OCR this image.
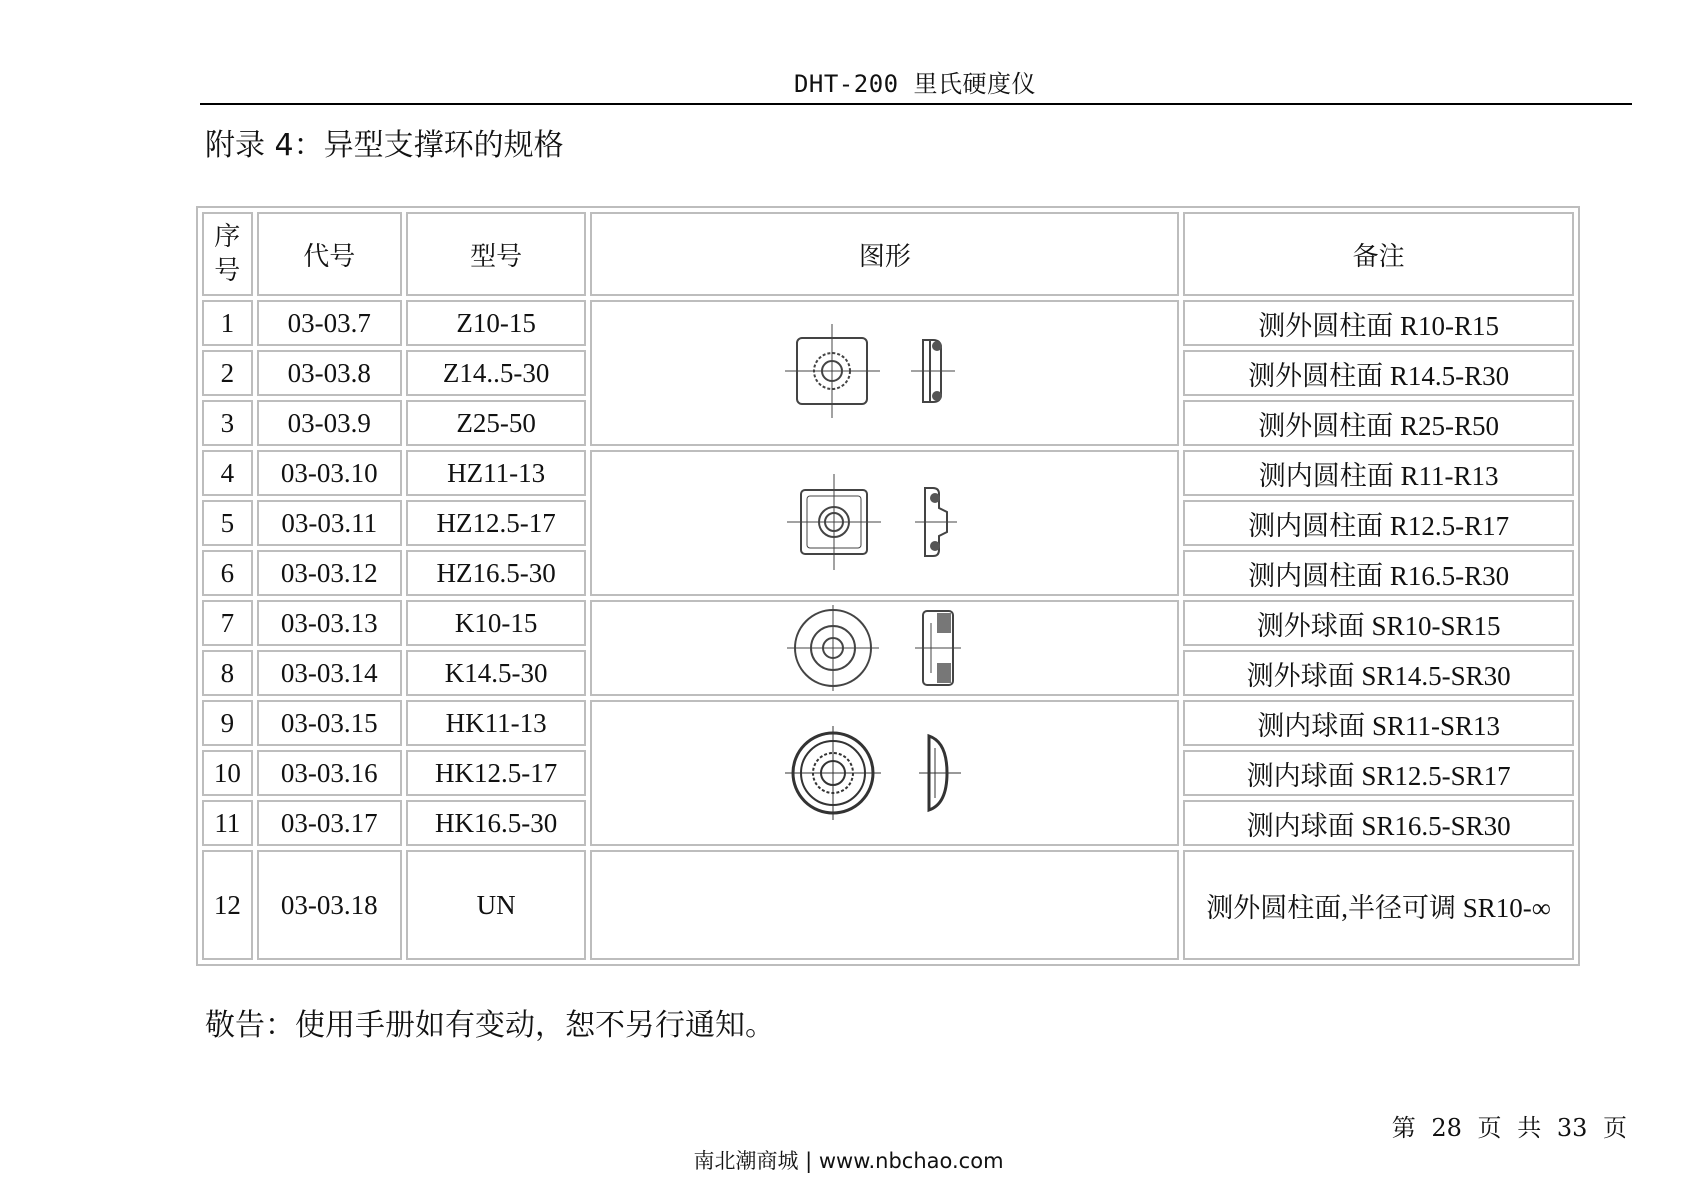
DHT-200 里氏硬度仪
附录 4：异型支撑环的规格
序号	代号	型号	图形	备注
1	03-03.7	Z10-15		测外圆柱面 R10-R15
2	03-03.8	Z14..5-30		测外圆柱面 R14.5-R30
3	03-03.9	Z25-50		测外圆柱面 R25-R50
4	03-03.10	HZ11-13		测内圆柱面 R11-R13
5	03-03.11	HZ12.5-17		测内圆柱面 R12.5-R17
6	03-03.12	HZ16.5-30		测内圆柱面 R16.5-R30
7	03-03.13	K10-15		测外球面 SR10-SR15
8	03-03.14	K14.5-30		测外球面 SR14.5-SR30
9	03-03.15	HK11-13		测内球面 SR11-SR13
10	03-03.16	HK12.5-17		测内球面 SR12.5-SR17
11	03-03.17	HK16.5-30		测内球面 SR16.5-SR30
12	03-03.18	UN		测外圆柱面,半径可调 SR10-∞
敬告：使用手册如有变动，恕不另行通知。
第 28 页 共 33 页
南北潮商城 | www.nbchao.com
